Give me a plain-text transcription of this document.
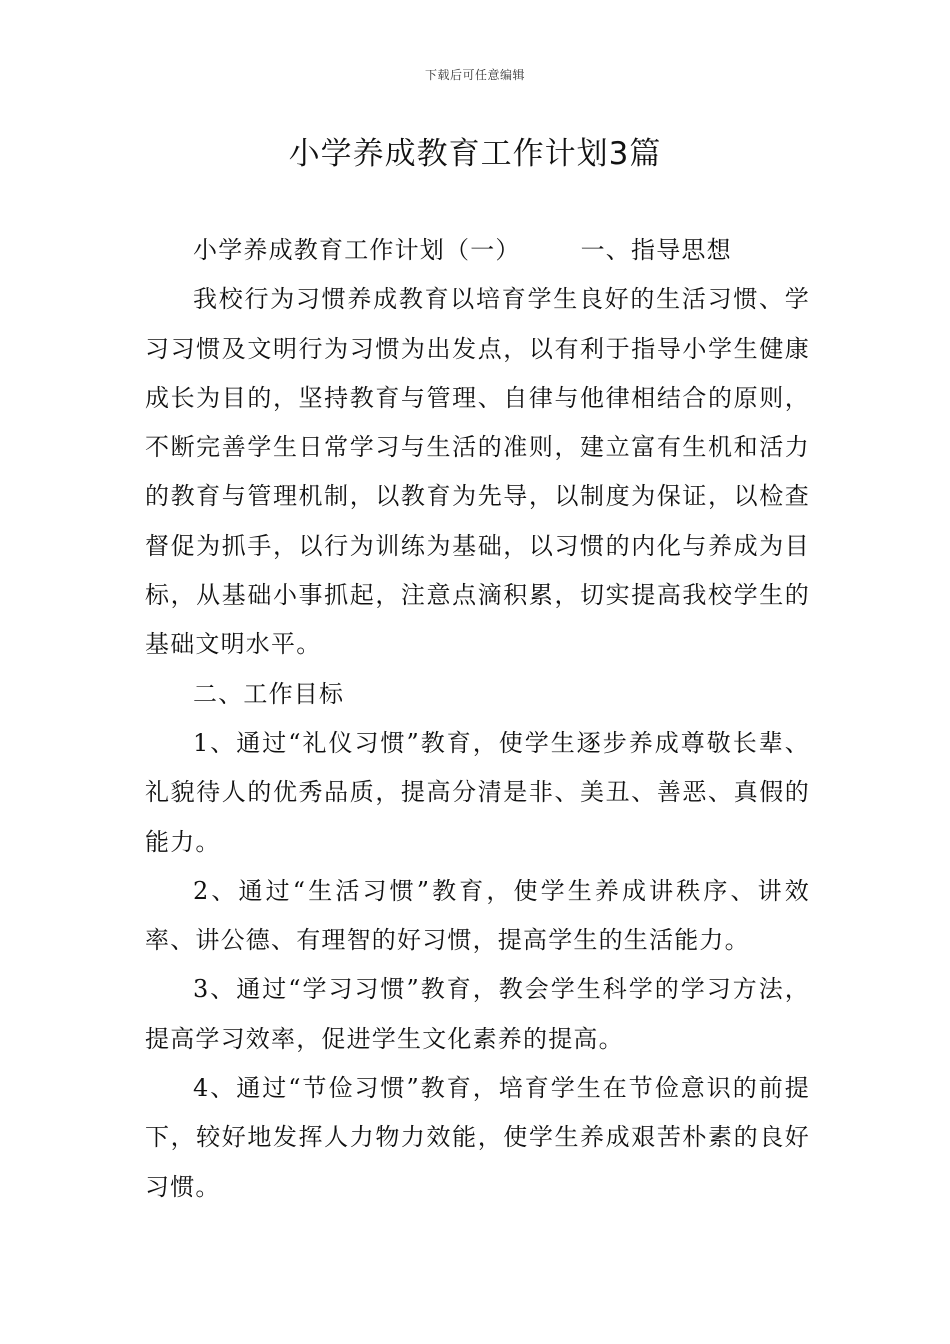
下载后可任意编辑
小学养成教育工作计划3篇

小学养成教育工作计划（一）	一、指导思想

我校行为习惯养成教育以培育学生良好的生活习惯、学习习惯及文明行为习惯为出发点，以有利于指导小学生健康成长为目的，坚持教育与管理、自律与他律相结合的原则，不断完善学生日常学习与生活的准则，建立富有生机和活力的教育与管理机制，以教育为先导，以制度为保证，以检查督促为抓手，以行为训练为基础，以习惯的内化与养成为目标，从基础小事抓起，注意点滴积累，切实提高我校学生的基础文明水平。

二、工作目标

1、通过“礼仪习惯”教育，使学生逐步养成尊敬长辈、礼貌待人的优秀品质，提高分清是非、美丑、善恶、真假的能力。

2、通过“生活习惯”教育，使学生养成讲秩序、讲效率、讲公德、有理智的好习惯，提高学生的生活能力。

3、通过“学习习惯”教育，教会学生科学的学习方法，提高学习效率，促进学生文化素养的提高。

4、通过“节俭习惯”教育，培育学生在节俭意识的前提下，较好地发挥人力物力效能，使学生养成艰苦朴素的良好习惯。
